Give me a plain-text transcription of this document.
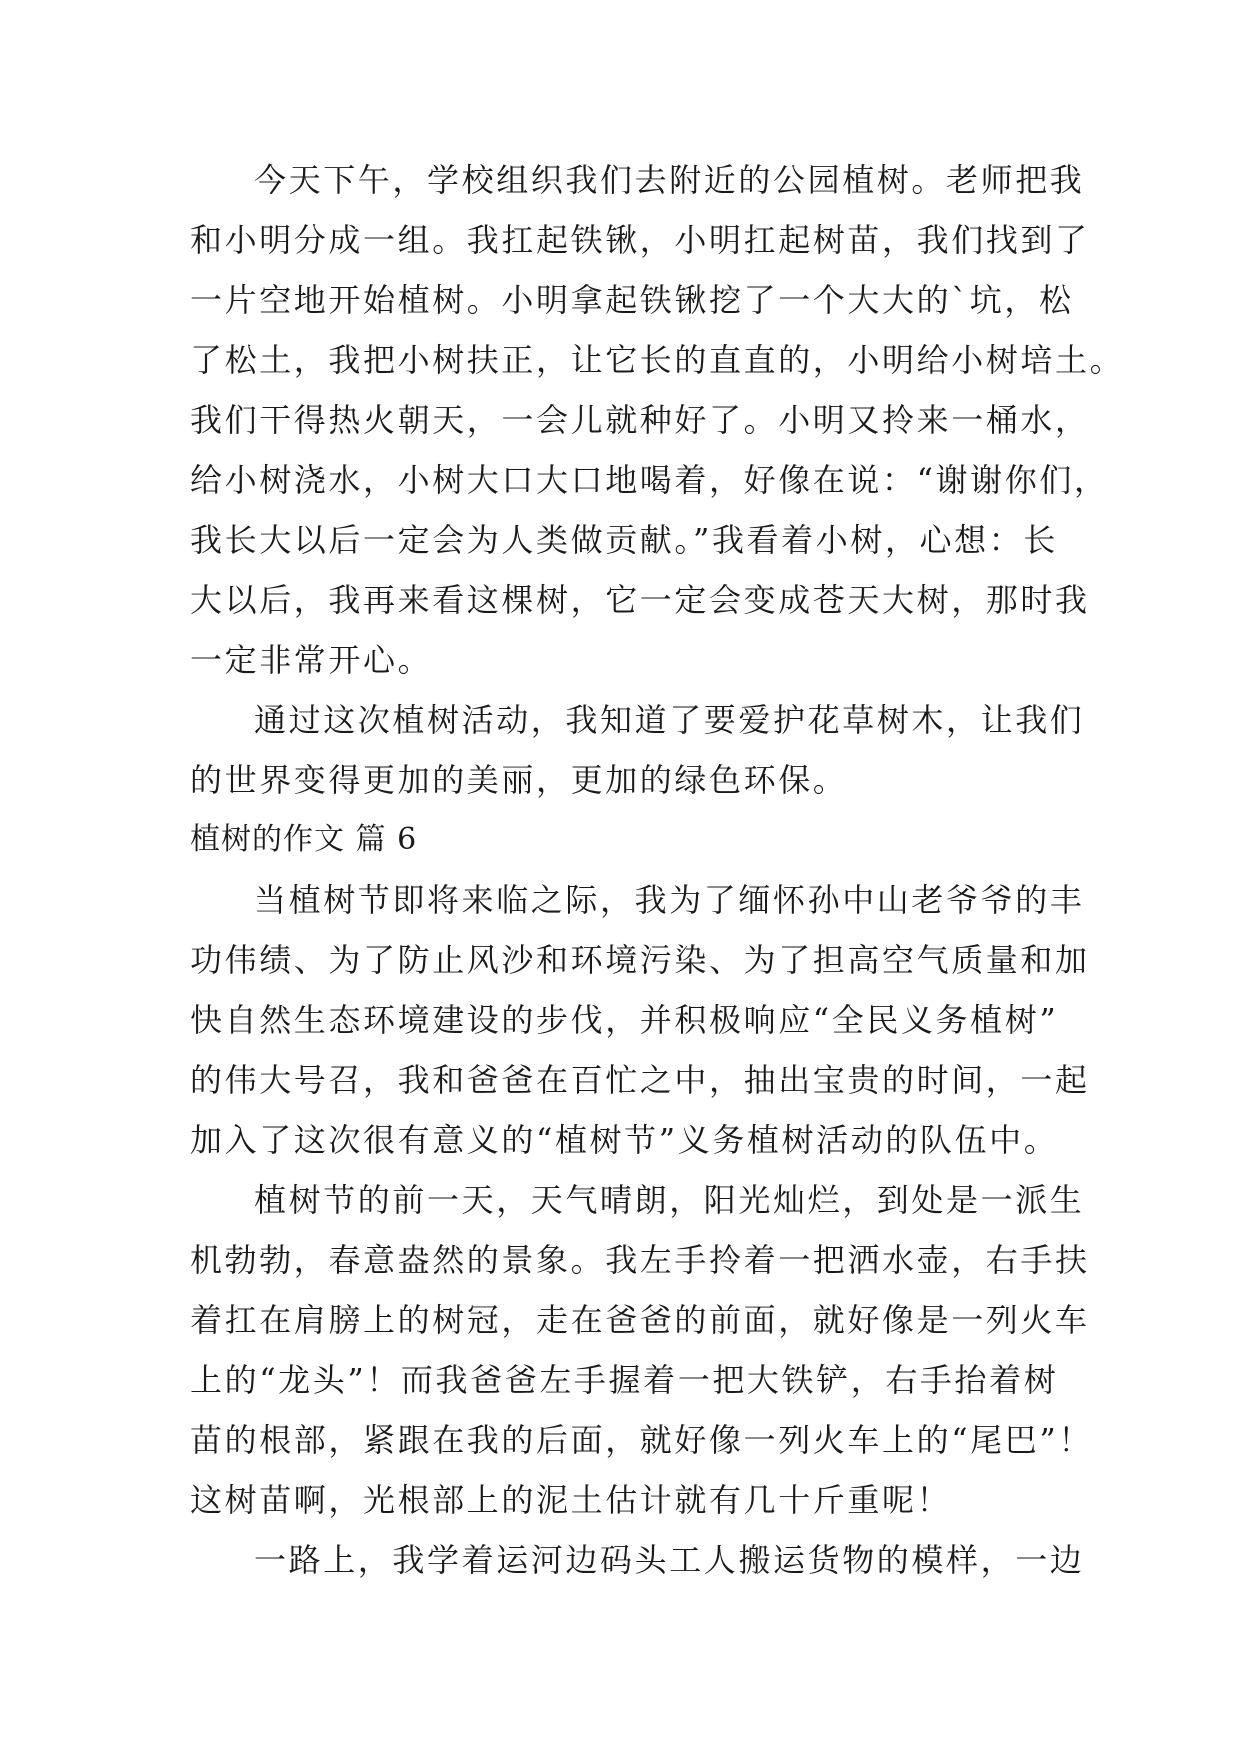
今天下午，学校组织我们去附近的公园植树。老师把我
和小明分成一组。我扛起铁锹，小明扛起树苗，我们找到了
一片空地开始植树。小明拿起铁锹挖了一个大大的`坑，松
了松土，我把小树扶正，让它长的直直的，小明给小树培土。
我们干得热火朝天，一会儿就种好了。小明又拎来一桶水，
给小树浇水，小树大口大口地喝着，好像在说：“谢谢你们，
我长大以后一定会为人类做贡献。”我看着小树，心想：长
大以后，我再来看这棵树，它一定会变成苍天大树，那时我
一定非常开心。
通过这次植树活动，我知道了要爱护花草树木，让我们
的世界变得更加的美丽，更加的绿色环保。
植树的作文 篇 6
当植树节即将来临之际，我为了缅怀孙中山老爷爷的丰
功伟绩、为了防止风沙和环境污染、为了担高空气质量和加
快自然生态环境建设的步伐，并积极响应“全民义务植树”
的伟大号召，我和爸爸在百忙之中，抽出宝贵的时间，一起
加入了这次很有意义的“植树节”义务植树活动的队伍中。
植树节的前一天，天气晴朗，阳光灿烂，到处是一派生
机勃勃，春意盎然的景象。我左手拎着一把洒水壶，右手扶
着扛在肩膀上的树冠，走在爸爸的前面，就好像是一列火车
上的“龙头”！而我爸爸左手握着一把大铁铲，右手抬着树
苗的根部，紧跟在我的后面，就好像一列火车上的“尾巴”！
这树苗啊，光根部上的泥土估计就有几十斤重呢！
一路上，我学着运河边码头工人搬运货物的模样，一边
